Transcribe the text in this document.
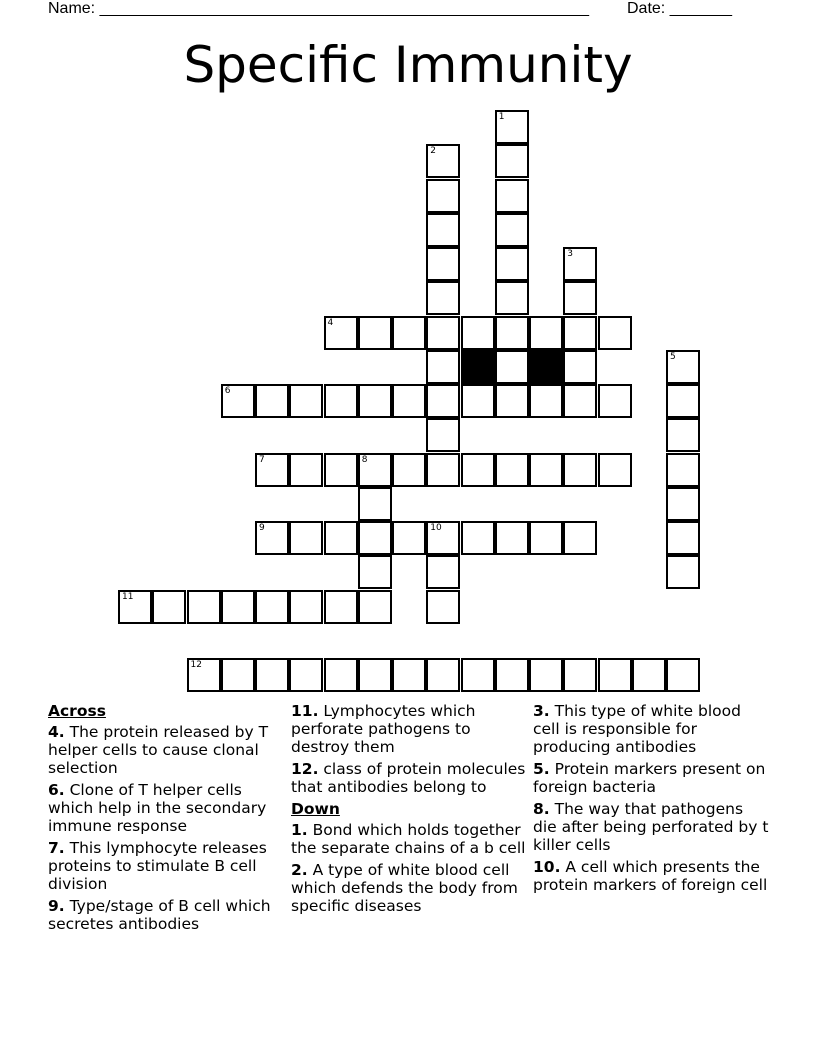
Name: _______________________________________________________ Date: _______
Specific Immunity
1
2
3
4
5
6
7	8
9	10
11
12
Across
4. The protein released by T helper cells to cause clonal selection
6. Clone of T helper cells which help in the secondary immune response
7. This lymphocyte releases proteins to stimulate B cell division
9. Type/stage of B cell which secretes antibodies
11. Lymphocytes which perforate pathogens to destroy them
12. class of protein molecules that antibodies belong to
Down
1. Bond which holds together the separate chains of a b cell
2. A type of white blood cell which defends the body from specific diseases
3. This type of white blood cell is responsible for producing antibodies
5. Protein markers present on foreign bacteria
8. The way that pathogens die after being perforated by t killer cells
10. A cell which presents the protein markers of foreign cell
